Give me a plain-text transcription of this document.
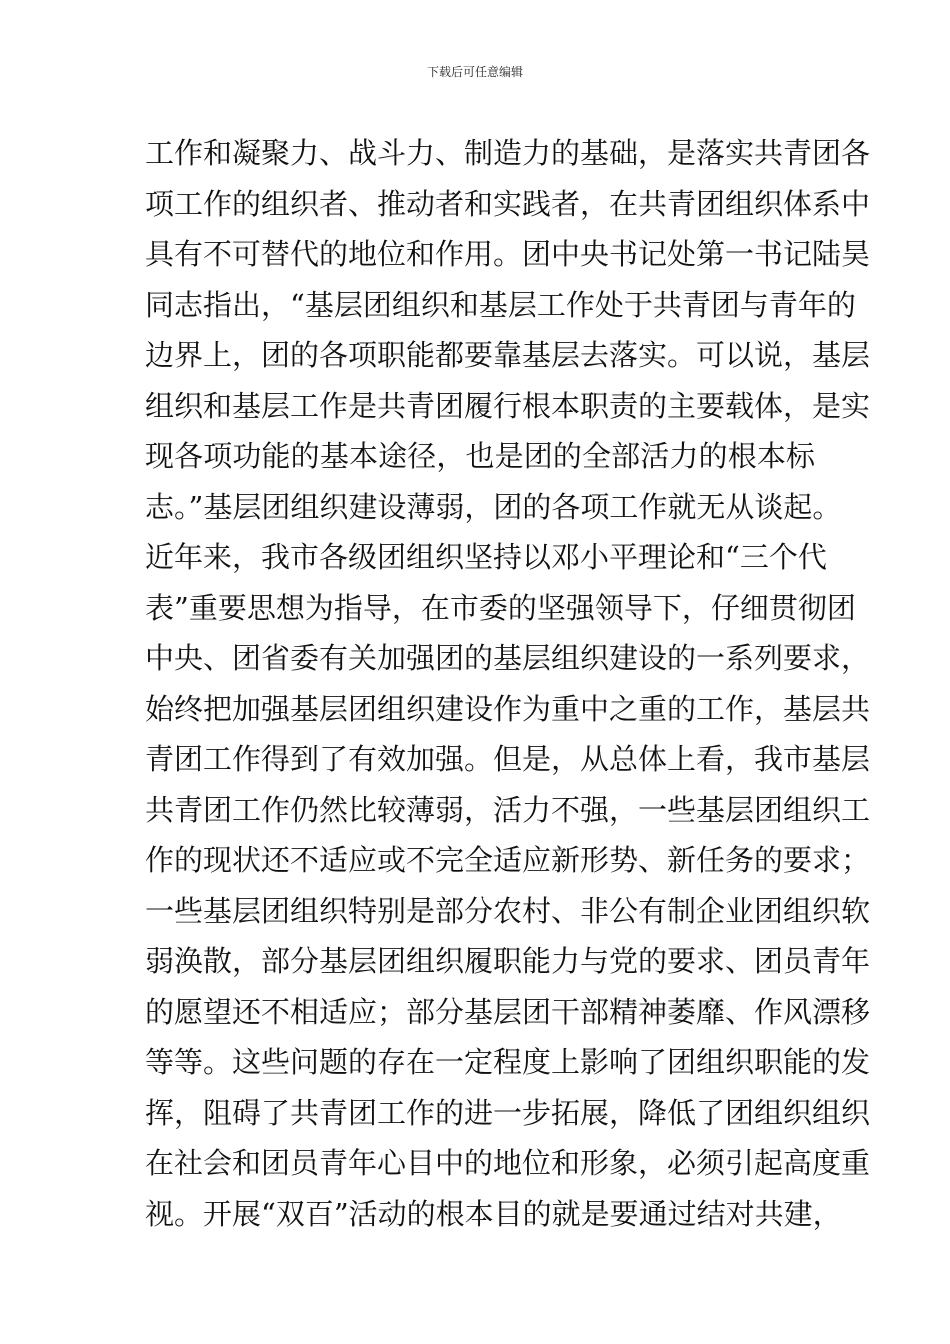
下载后可任意编辑
工作和凝聚力、战斗力、制造力的基础，是落实共青团各
项工作的组织者、推动者和实践者，在共青团组织体系中
具有不可替代的地位和作用。团中央书记处第一书记陆昊
同志指出，“基层团组织和基层工作处于共青团与青年的
边界上，团的各项职能都要靠基层去落实。可以说，基层
组织和基层工作是共青团履行根本职责的主要载体，是实
现各项功能的基本途径，也是团的全部活力的根本标
志。”基层团组织建设薄弱，团的各项工作就无从谈起。
近年来，我市各级团组织坚持以邓小平理论和“三个代
表”重要思想为指导，在市委的坚强领导下，仔细贯彻团
中央、团省委有关加强团的基层组织建设的一系列要求，
始终把加强基层团组织建设作为重中之重的工作，基层共
青团工作得到了有效加强。但是，从总体上看，我市基层
共青团工作仍然比较薄弱，活力不强，一些基层团组织工
作的现状还不适应或不完全适应新形势、新任务的要求；
一些基层团组织特别是部分农村、非公有制企业团组织软
弱涣散，部分基层团组织履职能力与党的要求、团员青年
的愿望还不相适应；部分基层团干部精神萎靡、作风漂移
等等。这些问题的存在一定程度上影响了团组织职能的发
挥，阻碍了共青团工作的进一步拓展，降低了团组织组织
在社会和团员青年心目中的地位和形象，必须引起高度重
视。开展“双百”活动的根本目的就是要通过结对共建，
